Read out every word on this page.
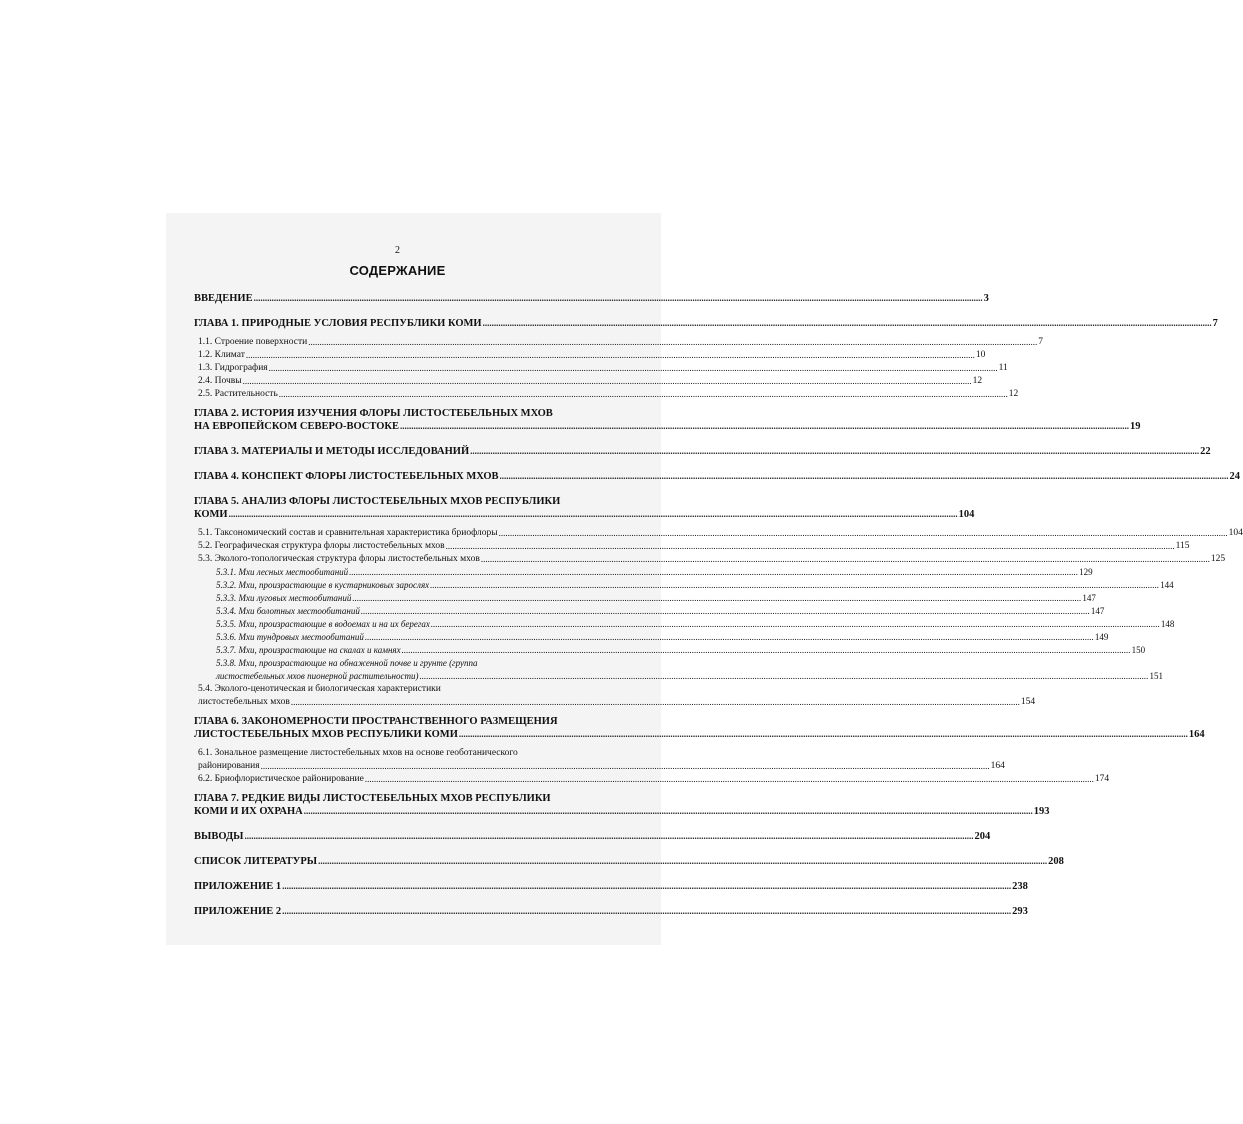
2
СОДЕРЖАНИЕ
ВВЕДЕНИЕ .....	3
ГЛАВА 1. ПРИРОДНЫЕ УСЛОВИЯ РЕСПУБЛИКИ КОМИ .....	7
1.1. Строение поверхности .....	7
1.2. Климат .....	10
1.3. Гидрография .....	11
2.4. Почвы .....	12
2.5. Растительность .....	12
ГЛАВА 2. ИСТОРИЯ ИЗУЧЕНИЯ ФЛОРЫ ЛИСТОСТЕБЕЛЬНЫХ МХОВ
НА ЕВРОПЕЙСКОМ СЕВЕРО-ВОСТОКЕ .....	19
ГЛАВА 3. МАТЕРИАЛЫ И МЕТОДЫ ИССЛЕДОВАНИЙ .....	22
ГЛАВА 4. КОНСПЕКТ ФЛОРЫ ЛИСТОСТЕБЕЛЬНЫХ МХОВ .....	24
ГЛАВА 5. АНАЛИЗ ФЛОРЫ ЛИСТОСТЕБЕЛЬНЫХ МХОВ РЕСПУБЛИКИ
КОМИ .....	104
5.1. Таксономический состав и сравнительная характеристика бриофлоры .....	104
5.2. Географическая структура флоры листостебельных мхов .....	115
5.3. Эколого-топологическая структура флоры листостебельных мхов .....	125
5.3.1. Мхи лесных местообитаний .....	129
5.3.2. Мхи, произрастающие в кустарниковых зарослях .....	144
5.3.3. Мхи луговых местообитаний .....	147
5.3.4. Мхи болотных местообитаний .....	147
5.3.5. Мхи, произрастающие в водоемах и на их берегах .....	148
5.3.6. Мхи тундровых местообитаний .....	149
5.3.7. Мхи, произрастающие на скалах и камнях .....	150
5.3.8. Мхи, произрастающие на обнаженной почве и грунте (группа
листостебельных мхов пионерной растительности) .....	151
5.4. Эколого-ценотическая и биологическая характеристики
листостебельных мхов .....	154
ГЛАВА 6. ЗАКОНОМЕРНОСТИ ПРОСТРАНСТВЕННОГО РАЗМЕЩЕНИЯ
ЛИСТОСТЕБЕЛЬНЫХ МХОВ РЕСПУБЛИКИ КОМИ .....	164
6.1. Зональное размещение листостебельных мхов на основе геоботанического
районирования .....	164
6.2. Бриофлористическое районирование .....	174
ГЛАВА 7. РЕДКИЕ ВИДЫ ЛИСТОСТЕБЕЛЬНЫХ МХОВ РЕСПУБЛИКИ
КОМИ И ИХ ОХРАНА .....	193
ВЫВОДЫ .....	204
СПИСОК ЛИТЕРАТУРЫ .....	208
ПРИЛОЖЕНИЕ 1 .....	238
ПРИЛОЖЕНИЕ 2 .....	293
